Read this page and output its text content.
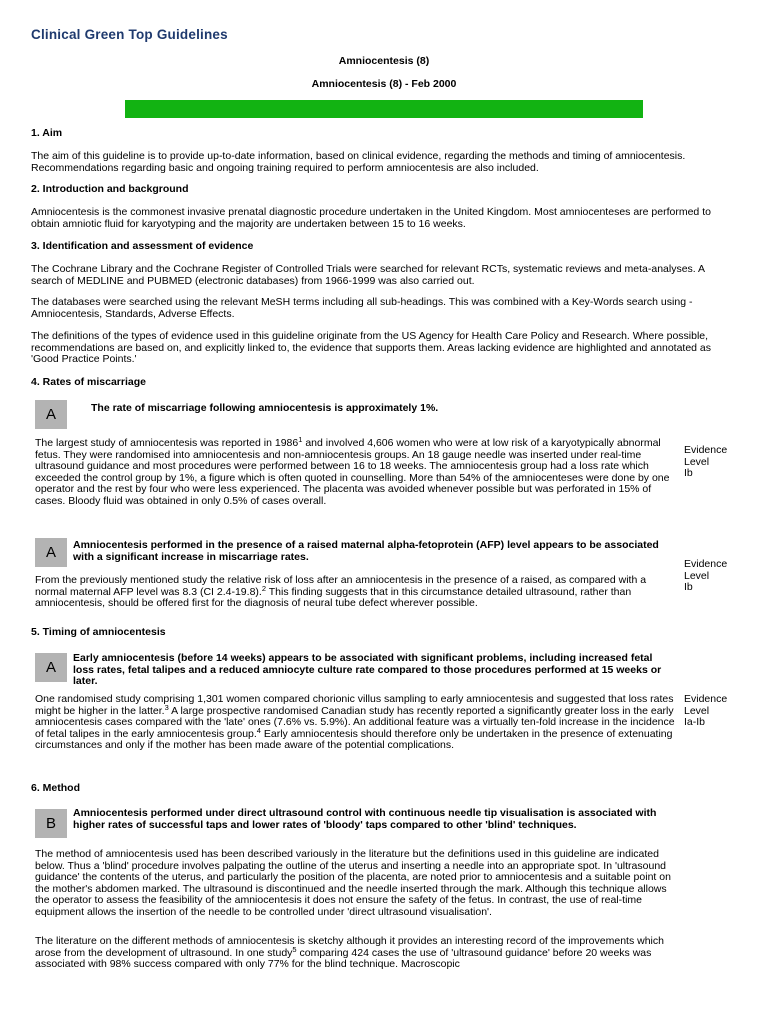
Clinical Green Top Guidelines
Amniocentesis (8)
Amniocentesis (8) - Feb 2000
1. Aim
The aim of this guideline is to provide up-to-date information, based on clinical evidence, regarding the methods and timing of amniocentesis. Recommendations regarding basic and ongoing training required to perform amniocentesis are also included.
2. Introduction and background
Amniocentesis is the commonest invasive prenatal diagnostic procedure undertaken in the United Kingdom. Most amniocenteses are performed to obtain amniotic fluid for karyotyping and the majority are undertaken between 15 to 16 weeks.
3. Identification and assessment of evidence
The Cochrane Library and the Cochrane Register of Controlled Trials were searched for relevant RCTs, systematic reviews and meta-analyses. A search of MEDLINE and PUBMED (electronic databases) from 1966-1999 was also carried out.
The databases were searched using the relevant MeSH terms including all sub-headings. This was combined with a Key-Words search using - Amniocentesis, Standards, Adverse Effects.
The definitions of the types of evidence used in this guideline originate from the US Agency for Health Care Policy and Research. Where possible, recommendations are based on, and explicitly linked to, the evidence that supports them. Areas lacking evidence are highlighted and annotated as 'Good Practice Points.'
4. Rates of miscarriage
A	The rate of miscarriage following amniocentesis is approximately 1%.
The largest study of amniocentesis was reported in 1986$^1$ and involved 4,606 women who were at low risk of a karyotypically abnormal fetus. They were randomised into amniocentesis and non-amniocentesis groups. An 18 gauge needle was inserted under real-time ultrasound guidance and most procedures were performed between 16 to 18 weeks. The amniocentesis group had a loss rate which exceeded the control group by 1%, a figure which is often quoted in counselling. More than 54% of the amniocenteses were done by one operator and the rest by four who were less experienced. The placenta was avoided whenever possible but was perforated in 15% of cases. Bloody fluid was obtained in only 0.5% of cases overall.
Evidence
Level
Ib
A	Amniocentesis performed in the presence of a raised maternal alpha-fetoprotein (AFP) level appears to be associated with a significant increase in miscarriage rates.
From the previously mentioned study the relative risk of loss after an amniocentesis in the presence of a raised, as compared with a normal maternal AFP level was 8.3 (CI 2.4-19.8).$^2$ This finding suggests that in this circumstance detailed ultrasound, rather than amniocentesis, should be offered first for the diagnosis of neural tube defect wherever possible.
Evidence
Level
Ib
5. Timing of amniocentesis
A
Early amniocentesis (before 14 weeks) appears to be associated with significant problems, including increased fetal loss rates, fetal talipes and a reduced amniocyte culture rate compared to those procedures performed at 15 weeks or later.
One randomised study comprising 1,301 women compared chorionic villus sampling to early amniocentesis and suggested that loss rates might be higher in the latter.$^3$ A large prospective randomised Canadian study has recently reported a significantly greater loss in the early amniocentesis cases compared with the 'late' ones (7.6% vs. 5.9%). An additional feature was a virtually ten-fold increase in the incidence of fetal talipes in the early amniocentesis group.$^4$ Early amniocentesis should therefore only be undertaken in the presence of extenuating circumstances and only if the mother has been made aware of the potential complications.
Evidence
Level
Ia-Ib
6. Method
B
Amniocentesis performed under direct ultrasound control with continuous needle tip visualisation is associated with higher rates of successful taps and lower rates of 'bloody' taps compared to other 'blind' techniques.
The method of amniocentesis used has been described variously in the literature but the definitions used in this guideline are indicated below. Thus a 'blind' procedure involves palpating the outline of the uterus and inserting a needle into an appropriate spot. In 'ultrasound guidance' the contents of the uterus, and particularly the position of the placenta, are noted prior to amniocentesis and a suitable point on the mother's abdomen marked. The ultrasound is discontinued and the needle inserted through the mark. Although this technique allows the operator to assess the feasibility of the amniocentesis it does not ensure the safety of the fetus. In contrast, the use of real-time equipment allows the insertion of the needle to be controlled under 'direct ultrasound visualisation'.
The literature on the different methods of amniocentesis is sketchy although it provides an interesting record of the improvements which arose from the development of ultrasound. In one study$^5$ comparing 424 cases the use of 'ultrasound guidance' before 20 weeks was associated with 98% success compared with only 77% for the blind technique. Macroscopic
